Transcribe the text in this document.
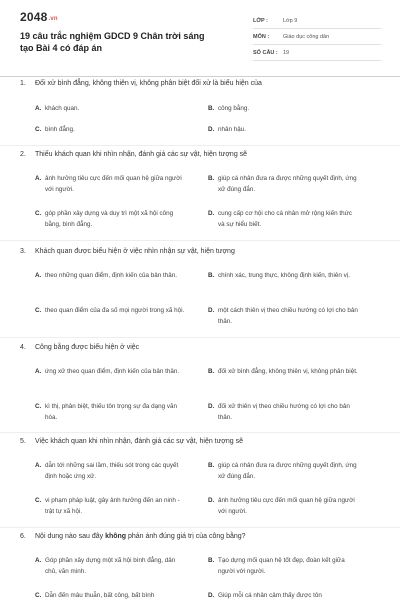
2048.vn
19 câu trắc nghiệm GDCD 9 Chân trời sáng tạo Bài 4 có đáp án
LỚP :	Lớp 9
MÔN :	Giáo dục công dân
SỐ CÂU : 19
1.	Đối xử bình đẳng, không thiên vị, không phân biệt đối xử là biểu hiện của
A. khách quan.	B. công bằng.
C. bình đẳng.	D. nhân hậu.
2.	Thiếu khách quan khi nhìn nhận, đánh giá các sự vật, hiện tượng sẽ
A. ảnh hưởng tiêu cực đến mối quan hệ giữa người với người.
B. giúp cá nhân đưa ra được những quyết định, ứng xử đúng đắn.
C. góp phần xây dựng và duy trì một xã hội công bằng, bình đẳng.
D. cung cấp cơ hội cho cá nhân mở rộng kiến thức và sự hiểu biết.
3.	Khách quan được biểu hiện ở việc nhìn nhận sự vật, hiện tượng
A. theo những quan điểm, định kiến của bản thân.	B. chính xác, trung thực, không định kiến, thiên vị.
C. theo quan điểm của đa số mọi người trong xã hội.	D. một cách thiên vị theo chiều hướng có lợi cho bản thân.
4.	Công bằng được biểu hiện ở việc
A. ứng xử theo quan điểm, định kiến của bản thân.	B. đối xử bình đẳng, không thiên vị, không phân biệt.
C. kì thị, phân biệt, thiếu tôn trọng sự đa dạng văn hóa.
D. đối xử thiên vị theo chiều hướng có lợi cho bản thân.
5.	Việc khách quan khi nhìn nhận, đánh giá các sự vật, hiện tượng sẽ
A. dẫn tới những sai lầm, thiếu sót trong các quyết định hoặc ứng xử.
B. giúp cá nhân đưa ra được những quyết định, ứng xử đúng đắn.
C. vi phạm pháp luật, gây ảnh hưởng đến an ninh - trật tự xã hội.
D. ảnh hưởng tiêu cực đến mối quan hệ giữa người với người.
6.	Nội dung nào sau đây không phản ánh đúng giá trị của công bằng?
A. Góp phần xây dựng một xã hội bình đẳng, dân chủ, văn minh.
B. Tạo dựng mối quan hệ tốt đẹp, đoàn kết giữa người với người.
C. Dẫn đến mâu thuẫn, bất công, bất bình	D. Giúp mỗi cá nhân cảm thấy được tôn
